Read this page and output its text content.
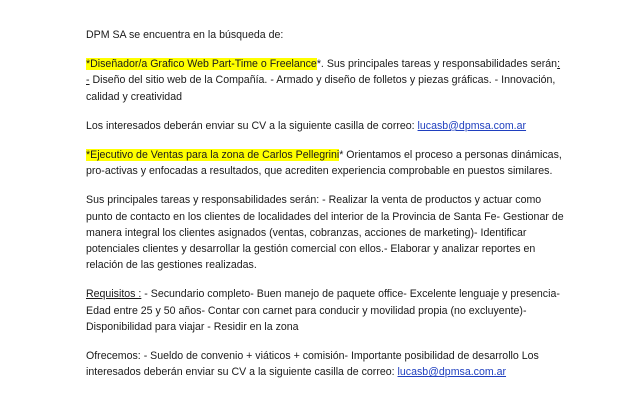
DPM SA se encuentra en la búsqueda de:

*Diseñador/a Grafico Web Part-Time o Freelance*. Sus principales tareas y responsabilidades serán: - Diseño del sitio web de la Compañía. - Armado y diseño de folletos y piezas gráficas. - Innovación, calidad y creatividad

Los interesados deberán enviar su CV a la siguiente casilla de correo: lucasb@dpmsa.com.ar

*Ejecutivo de Ventas para la zona de Carlos Pellegrini* Orientamos el proceso a personas dinámicas, pro-activas y enfocadas a resultados, que acrediten experiencia comprobable en puestos similares.

Sus principales tareas y responsabilidades serán: - Realizar la venta de productos y actuar como punto de contacto en los clientes de localidades del interior de la Provincia de Santa Fe- Gestionar de manera integral los clientes asignados (ventas, cobranzas, acciones de marketing)- Identificar potenciales clientes y desarrollar la gestión comercial con ellos.- Elaborar y analizar reportes en relación de las gestiones realizadas.

Requisitos : - Secundario completo- Buen manejo de paquete office- Excelente lenguaje y presencia- Edad entre 25 y 50 años- Contar con carnet para conducir y movilidad propia (no excluyente)- Disponibilidad para viajar - Residir en la zona

Ofrecemos: - Sueldo de convenio + viáticos + comisión- Importante posibilidad de desarrollo Los interesados deberán enviar su CV a la siguiente casilla de correo: lucasb@dpmsa.com.ar
